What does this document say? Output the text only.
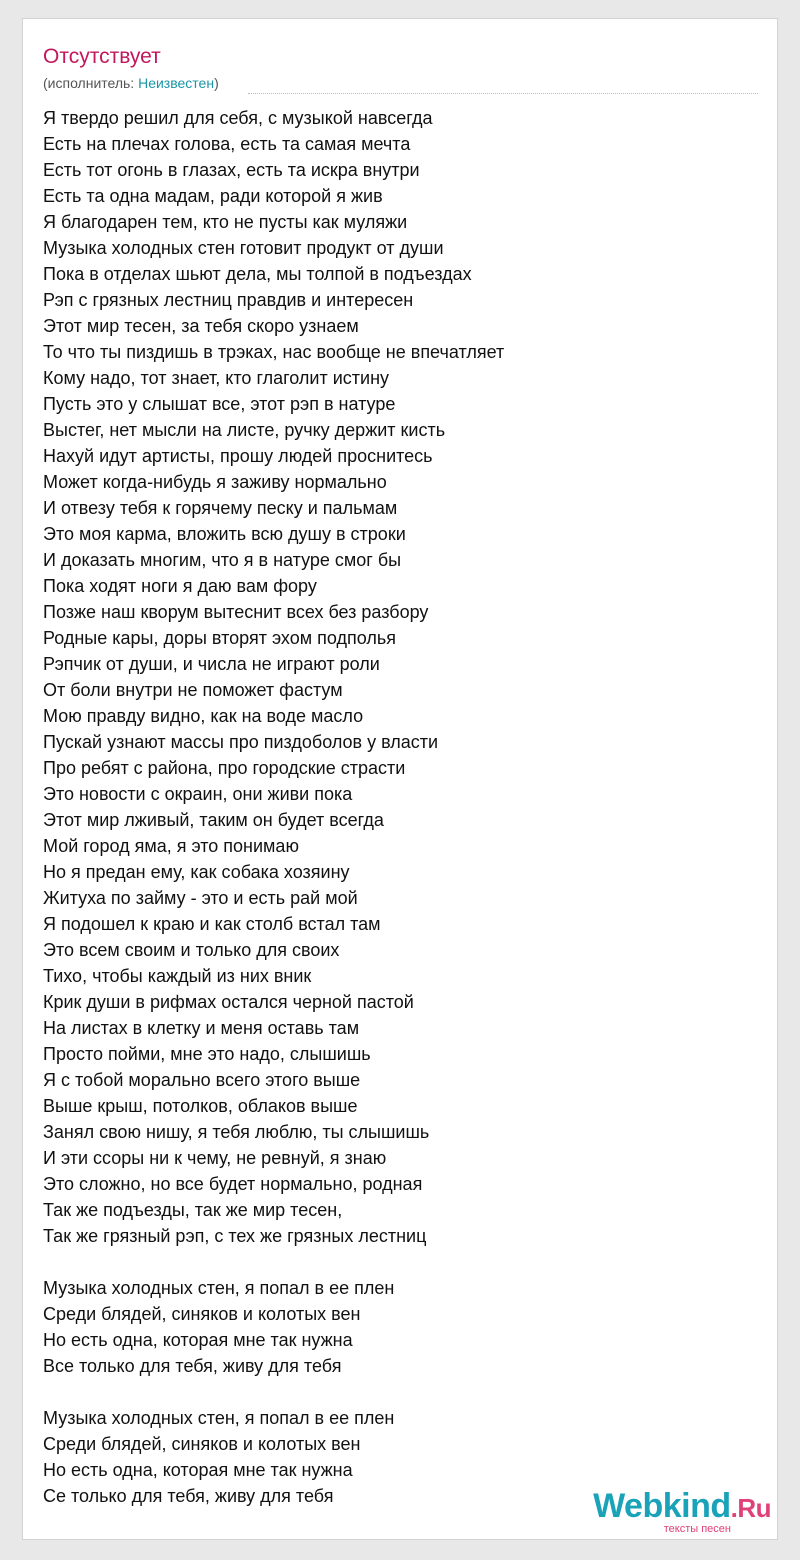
Отсутствует
(исполнитель: Неизвестен)
Я твердо решил для себя, с музыкой навсегда
Есть на плечах голова, есть та самая мечта
Есть тот огонь в глазах, есть та искра внутри
Есть та одна мадам, ради которой я жив
Я благодарен тем, кто не пусты как муляжи
Музыка холодных стен готовит продукт от души
Пока в отделах шьют дела, мы толпой в подъездах
Рэп с грязных лестниц правдив и интересен
Этот мир тесен, за тебя скоро узнаем
То что ты пиздишь в трэках, нас вообще не впечатляет
Кому надо, тот знает, кто глаголит истину
Пусть это у слышат все, этот рэп в натуре
Выстег, нет мысли на листе, ручку держит кисть
Нахуй идут артисты, прошу людей проснитесь
Может когда-нибудь я заживу нормально
И отвезу тебя к горячему песку и пальмам
Это моя карма, вложить всю душу в строки
И доказать многим, что я в натуре смог бы
Пока ходят ноги я даю вам фору
Позже наш кворум вытеснит всех без разбору
Родные кары, доры вторят эхом подполья
Рэпчик от души, и числа не играют роли
От боли внутри не поможет фастум
Мою правду видно, как на воде масло
Пускай узнают массы про пиздоболов у власти
Про ребят с района, про городские страсти
Это новости с окраин, они живи пока
Этот мир лживый, таким он будет всегда
Мой город яма, я это понимаю
Но я предан ему, как собака хозяину
Житуха по займу - это и есть рай мой
Я подошел к краю и как столб встал там
Это всем своим и только для своих
Тихо, чтобы каждый из них вник
Крик души в рифмах остался черной пастой
На листах в клетку и меня оставь там
Просто пойми, мне это надо, слышишь
Я с тобой морально всего этого выше
Выше крыш, потолков, облаков выше
Занял свою нишу, я тебя люблю, ты слышишь
И эти ссоры ни к чему, не ревнуй, я знаю
Это сложно, но все будет нормально, родная
Так же подъезды, так же мир тесен,
Так же грязный рэп, с тех же грязных лестниц
Музыка холодных стен, я попал в ее плен
Среди блядей, синяков и колотых вен
Но есть одна, которая мне так нужна
Все только для тебя, живу для тебя
Музыка холодных стен, я попал в ее плен
Среди блядей, синяков и колотых вен
Но есть одна, которая мне так нужна
Се только для тебя, живу для тебя	Webkind.Ru
тексты песен
